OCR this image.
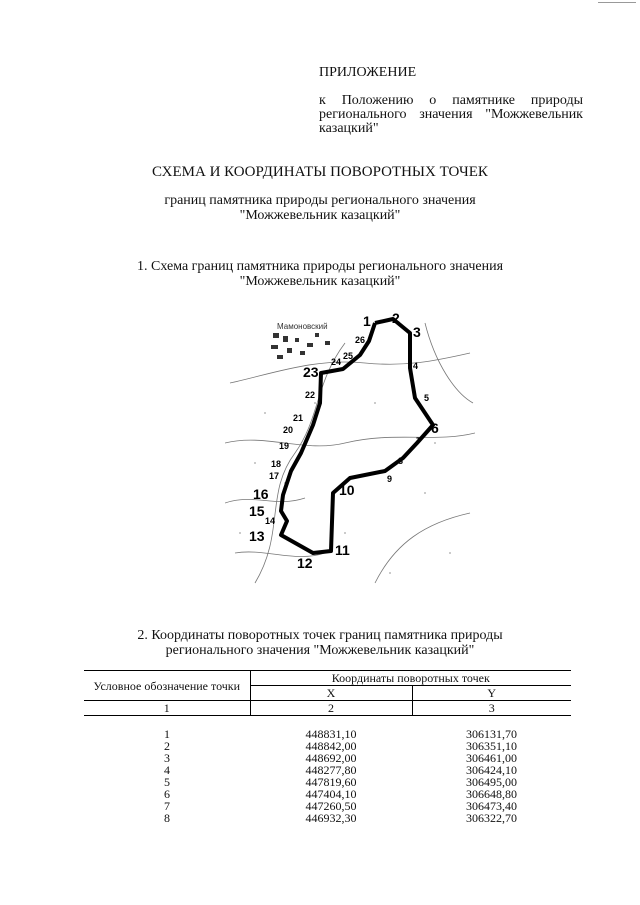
ПРИЛОЖЕНИЕ
к Положению о памятнике природы регионального значения "Можжевельник казацкий"
СХЕМА И КООРДИНАТЫ ПОВОРОТНЫХ ТОЧЕК
границ памятника природы регионального значения
"Можжевельник казацкий"
1. Схема границ памятника природы регионального значения
"Можжевельник казацкий"
Мамоновский	1 2
3
4
5
6
7
8
9
10
11
12
13
14
15
16
17
18
19
20
21
22
23
24
25
26
2. Координаты поворотных точек границ памятника природы
регионального значения "Можжевельник казацкий"
Условное обозначение точки	Координаты поворотных точек	
	X	Y
1	2	3

1	448831,10	306131,70
2	448842,00	306351,10
3	448692,00	306461,00
4	448277,80	306424,10
5	447819,60	306495,00
6	447404,10	306648,80
7	447260,50	306473,40
8	446932,30	306322,70
